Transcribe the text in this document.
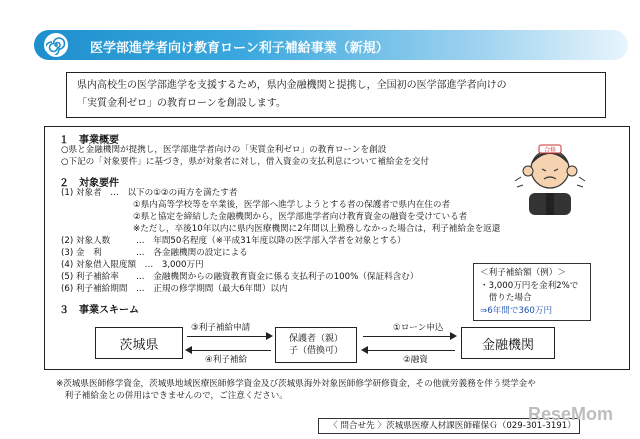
医学部進学者向け教育ローン利子補給事業（新規）
県内高校生の医学部進学を支援するため，県内金融機関と提携し，全国初の医学部進学者向けの
「実質金利ゼロ」の教育ローンを創設します。
１　事業概要
○県と金融機関が提携し，医学部進学者向けの「実質金利ゼロ」の教育ローンを創設
○下記の「対象要件」に基づき，県が対象者に対し，借入資金の支払利息について補給金を交付
２　対象要件
(1) 対象者　…　以下の①②の両方を満たす者
①県内高等学校等を卒業後，医学部へ進学しようとする者の保護者で県内在住の者
②県と協定を締結した金融機関から，医学部進学者向け教育資金の融資を受けている者
※ただし，卒後10年以内に県内医療機関に2年間以上勤務しなかった場合は，利子補給金を返還
(2) 対象人数　　　…　年間50名程度（※平成31年度以降の医学部入学者を対象とする）
(3) 金　利　　　　…　各金融機関の設定による
(4) 対象借入限度額　…　3,000万円
(5) 利子補給率　　…　金融機関からの融資教育資金に係る支払利子の100%（保証料含む）
(6) 利子補給期間　…　正規の修学期間（最大6年間）以内
３　事業スキーム
合格
＜利子補給額（例）＞
・3,000万円を金利2%で
　借りた場合
⇒6年間で360万円
茨城県	保護者（親）
子（借換可）	金融機関
③利子補給申請
④利子補給
①ローン申込
②融資
※茨城県医師修学資金，茨城県地域医療医師修学資金及び茨城県海外対象医師修学研修資金，その他就労義務を伴う奨学金や
　利子補給金との併用はできませんので，ご注意ください。
〈 問合せ先 〉茨城県医療人材課医師確保Ｇ（029-301-3191）
ReseMom
